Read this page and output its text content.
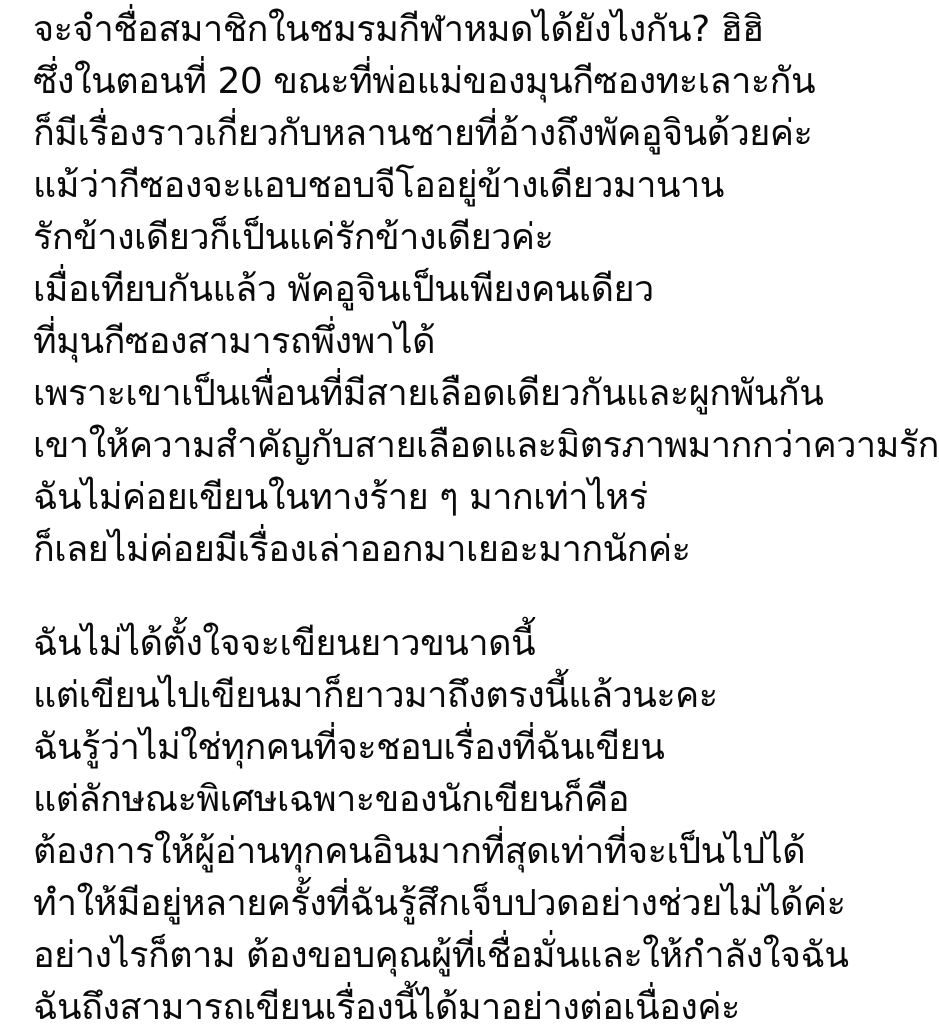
จะจำชื่อสมาชิกในชมรมกีฬาหมดได้ยังไงกัน? ฮิฮิ
ซึ่งในตอนที่ 20 ขณะที่พ่อแม่ของมุนกีซองทะเลาะกัน
ก็มีเรื่องราวเกี่ยวกับหลานชายที่อ้างถึงพัคอูจินด้วยค่ะ
แม้ว่ากีซองจะแอบชอบจีโออยู่ข้างเดียวมานาน
รักข้างเดียวก็เป็นแค่รักข้างเดียวค่ะ
เมื่อเทียบกันแล้ว พัคอูจินเป็นเพียงคนเดียว
ที่มุนกีซองสามารถพึ่งพาได้
เพราะเขาเป็นเพื่อนที่มีสายเลือดเดียวกันและผูกพันกัน
เขาให้ความสำคัญกับสายเลือดและมิตรภาพมากกว่าความรัก
ฉันไม่ค่อยเขียนในทางร้าย ๆ มากเท่าไหร่
ก็เลยไม่ค่อยมีเรื่องเล่าออกมาเยอะมากนักค่ะ
ฉันไม่ได้ตั้งใจจะเขียนยาวขนาดนี้
แต่เขียนไปเขียนมาก็ยาวมาถึงตรงนี้แล้วนะคะ
ฉันรู้ว่าไม่ใช่ทุกคนที่จะชอบเรื่องที่ฉันเขียน
แต่ลักษณะพิเศษเฉพาะของนักเขียนก็คือ
ต้องการให้ผู้อ่านทุกคนอินมากที่สุดเท่าที่จะเป็นไปได้
ทำให้มีอยู่หลายครั้งที่ฉันรู้สึกเจ็บปวดอย่างช่วยไม่ได้ค่ะ
อย่างไรก็ตาม ต้องขอบคุณผู้ที่เชื่อมั่นและให้กำลังใจฉัน
ฉันถึงสามารถเขียนเรื่องนี้ได้มาอย่างต่อเนื่องค่ะ
